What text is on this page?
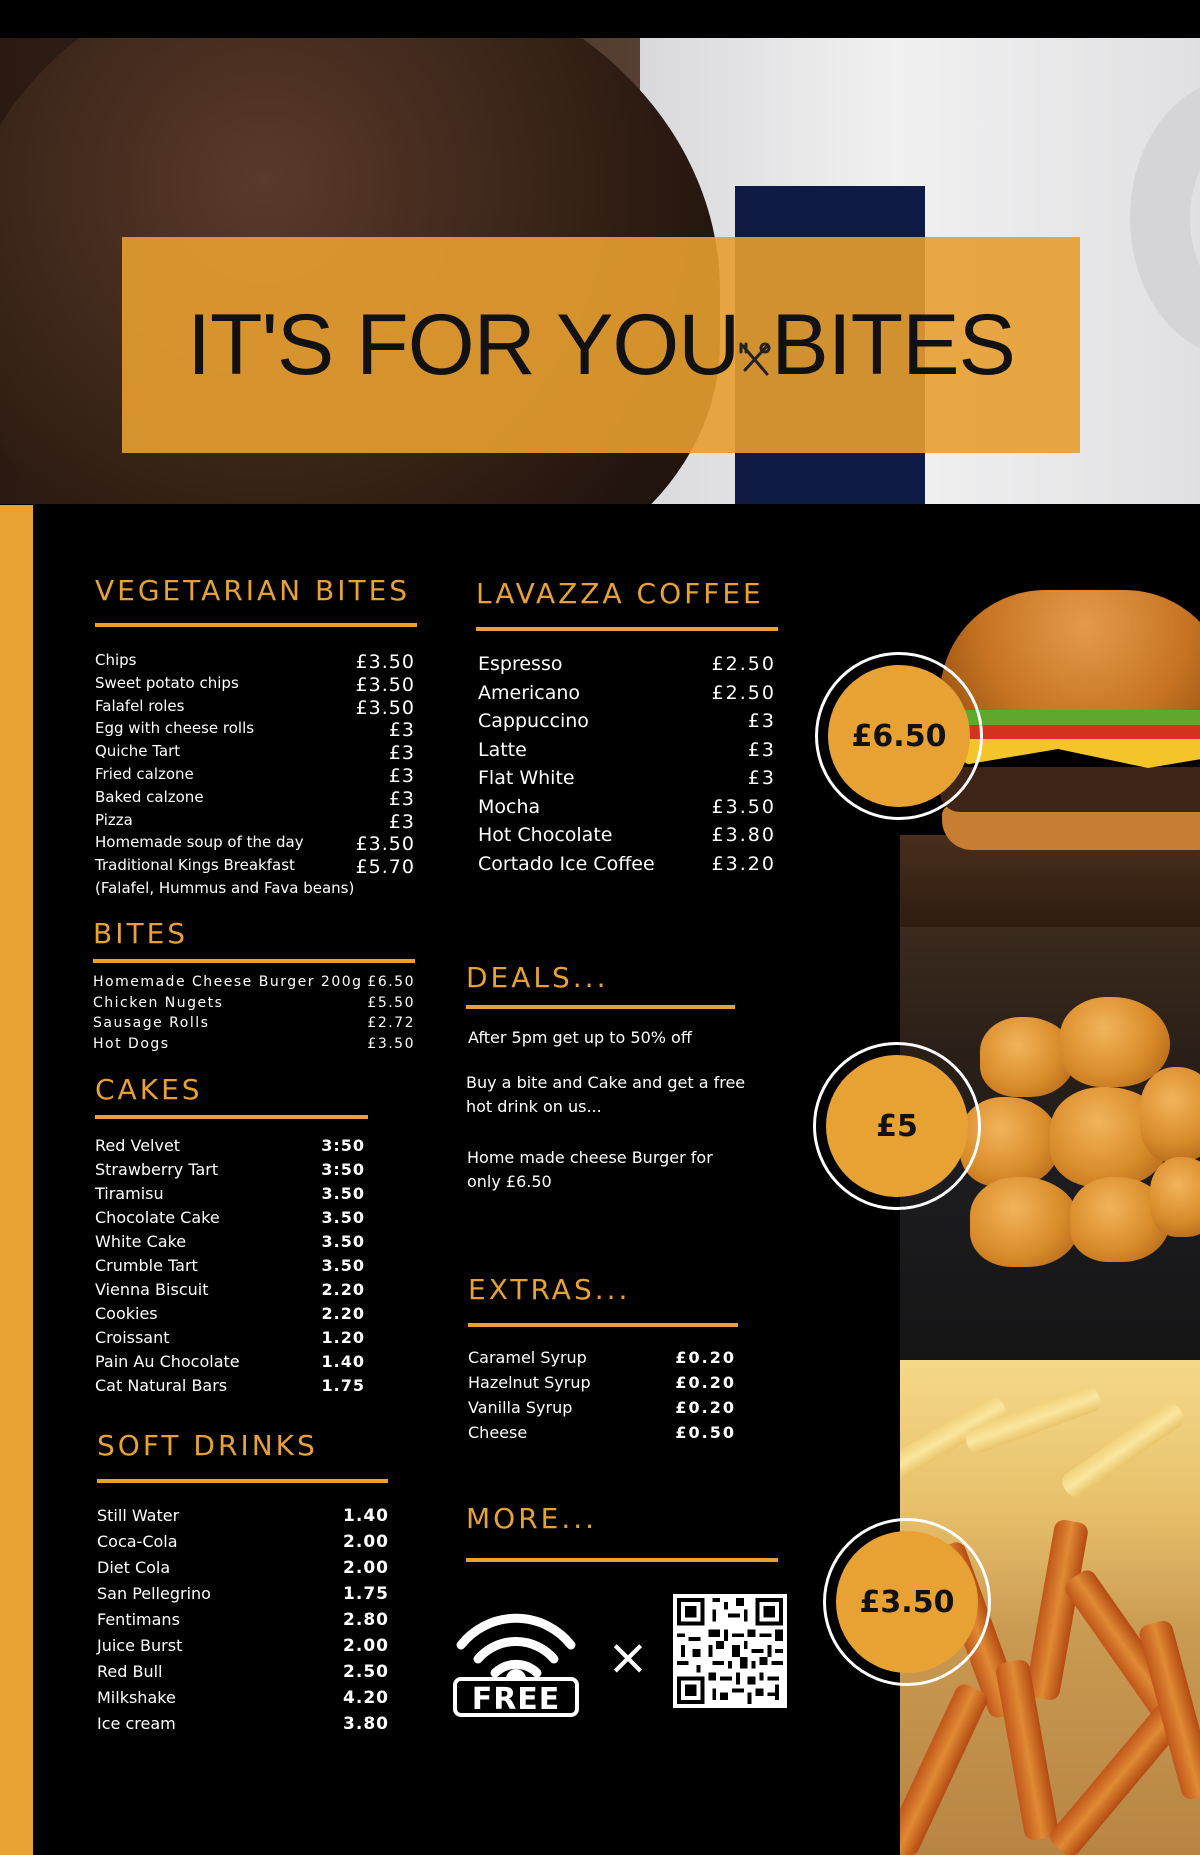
IT'S FOR YOU BITES
£6.50
£5
£3.50
VEGETARIAN BITES
Chips	£3.50
Sweet potato chips	£3.50
Falafel roles	£3.50
Egg with cheese rolls	£3
Quiche Tart	£3
Fried calzone	£3
Baked calzone	£3
Pizza	£3
Homemade soup of the day	£3.50
Traditional Kings Breakfast	£5.70
(Falafel, Hummus and Fava beans)
LAVAZZA COFFEE
Espresso	£2.50
Americano	£2.50
Cappuccino	£3
Latte	£3
Flat White	£3
Mocha	£3.50
Hot Chocolate	£3.80
Cortado Ice Coffee	£3.20
BITES
Homemade Cheese Burger 200g £6.50
Chicken Nugets	£5.50
Sausage Rolls	£2.72
Hot Dogs	£3.50
CAKES
Red Velvet	3:50
Strawberry Tart	3:50
Tiramisu	3.50
Chocolate Cake	3.50
White Cake	3.50
Crumble Tart	3.50
Vienna Biscuit	2.20
Cookies	2.20
Croissant	1.20
Pain Au Chocolate	1.40
Cat Natural Bars	1.75
SOFT DRINKS
Still Water	1.40
Coca-Cola	2.00
Diet Cola	2.00
San Pellegrino	1.75
Fentimans	2.80
Juice Burst	2.00
Red Bull	2.50
Milkshake	4.20
Ice cream	3.80
DEALS...
After 5pm get up to 50% off
Buy a bite and Cake and get a free hot drink on us...
Home made cheese Burger for only £6.50
EXTRAS...
Caramel Syrup	£0.20
Hazelnut Syrup	£0.20
Vanilla Syrup	£0.20
Cheese	£0.50
MORE...
FREE
×
